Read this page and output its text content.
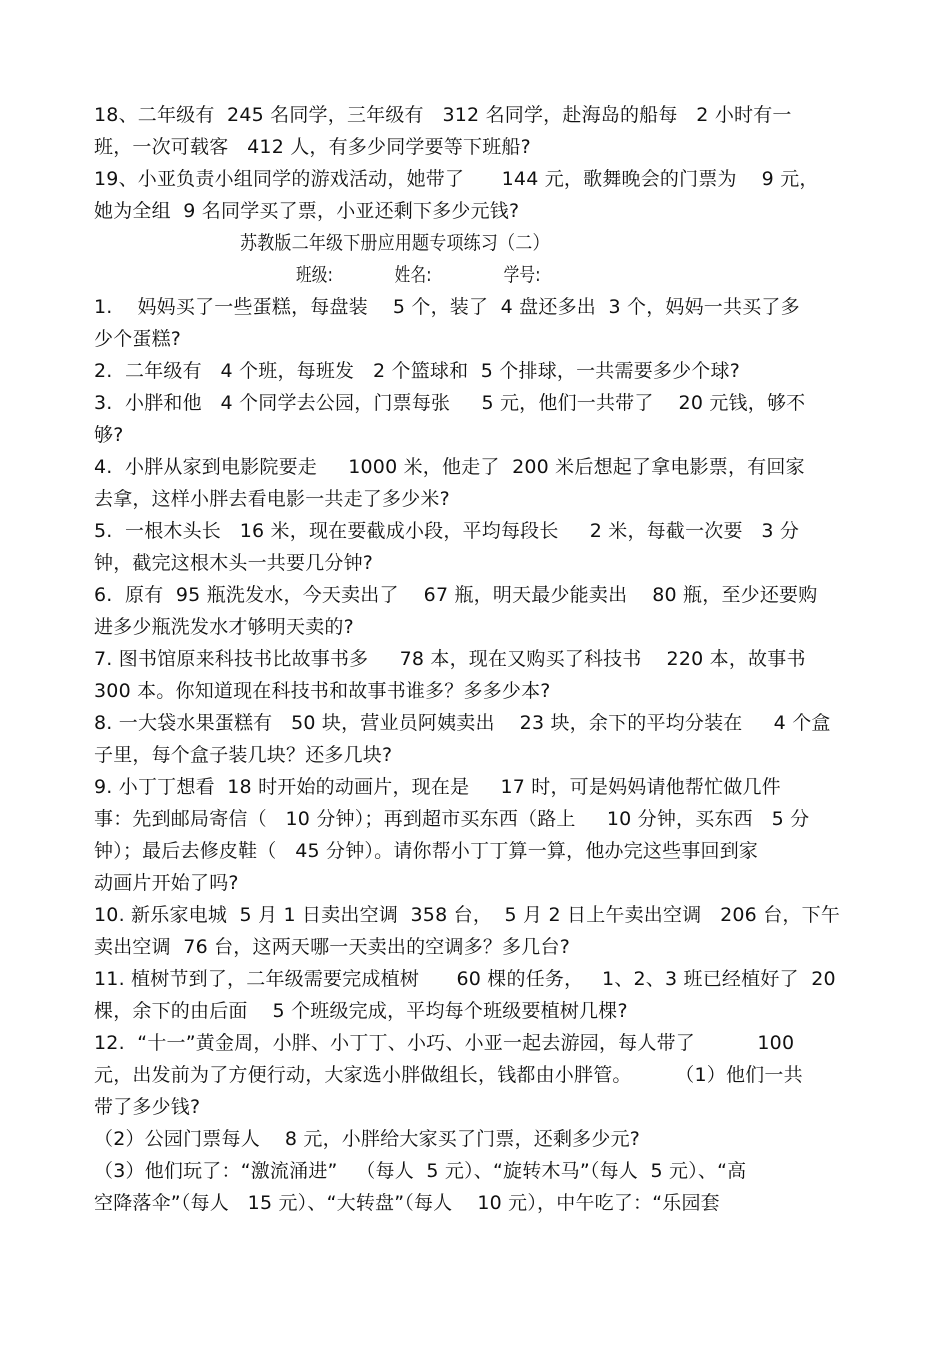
18、二年级有  245 名同学，三年级有   312 名同学，赴海岛的船每   2 小时有一
班，一次可载客   412 人，有多少同学要等下班船?
19、小亚负责小组同学的游戏活动，她带了      144 元，歌舞晚会的门票为    9 元，
她为全组  9 名同学买了票，小亚还剩下多少元钱?
苏教版二年级下册应用题专项练习（二）
班级:            姓名:              学号:
1.    妈妈买了一些蛋糕，每盘装    5 个，装了  4 盘还多出  3 个，妈妈一共买了多
少个蛋糕?
2.  二年级有   4 个班，每班发   2 个篮球和  5 个排球，一共需要多少个球?
3.  小胖和他   4 个同学去公园，门票每张     5 元，他们一共带了    20 元钱，够不
够?
4.  小胖从家到电影院要走     1000 米，他走了  200 米后想起了拿电影票，有回家
去拿，这样小胖去看电影一共走了多少米?
5.  一根木头长   16 米，现在要截成小段，平均每段长     2 米，每截一次要   3 分
钟，截完这根木头一共要几分钟?
6.  原有  95 瓶洗发水，今天卖出了    67 瓶，明天最少能卖出    80 瓶，至少还要购
进多少瓶洗发水才够明天卖的?
7. 图书馆原来科技书比故事书多     78 本，现在又购买了科技书    220 本，故事书
300 本。你知道现在科技书和故事书谁多？多多少本?
8. 一大袋水果蛋糕有   50 块，营业员阿姨卖出    23 块，余下的平均分装在     4 个盒
子里，每个盒子装几块？还多几块?
9. 小丁丁想看  18 时开始的动画片，现在是     17 时，可是妈妈请他帮忙做几件
事：先到邮局寄信（   10 分钟）；再到超市买东西（路上     10 分钟，买东西   5 分
钟）；最后去修皮鞋（   45 分钟）。请你帮小丁丁算一算，他办完这些事回到家
动画片开始了吗?
10. 新乐家电城  5 月 1 日卖出空调  358 台，  5 月 2 日上午卖出空调   206 台，下午
卖出空调  76 台，这两天哪一天卖出的空调多？多几台?
11. 植树节到了，二年级需要完成植树      60 棵的任务，   1、2、3 班已经植好了  20
棵，余下的由后面    5 个班级完成，平均每个班级要植树几棵?
12.  “十一”黄金周，小胖、小丁丁、小巧、小亚一起去游园，每人带了          100
元，出发前为了方便行动，大家选小胖做组长，钱都由小胖管。       （1）他们一共
带了多少钱?
（2）公园门票每人    8 元，小胖给大家买了门票，还剩多少元?
（3）他们玩了：“激流涌进”   （每人  5 元）、“旋转木马”（每人  5 元）、“高
空降落伞”（每人   15 元）、“大转盘”（每人    10 元），中午吃了：“乐园套
